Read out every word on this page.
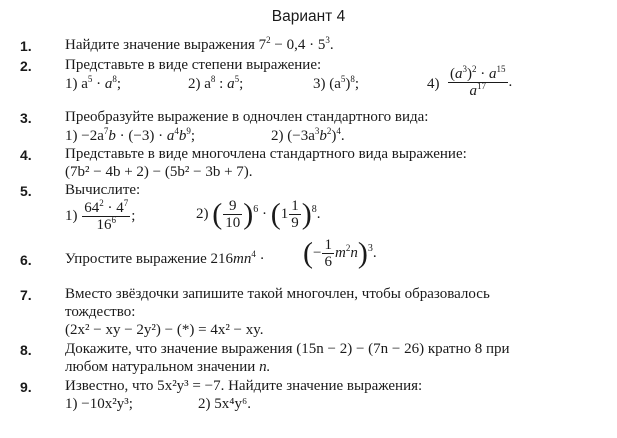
Вариант 4
1. Найдите значение выражения $7^2 - 0,4 \cdot 5^3$.
2. Представьте в виде степени выражение:
1) $a^5 \cdot a^8$;	2) $a^8$ : $a^5$;	3) $(a^5)^8$;	$4) \frac{(a^3)^2 \cdot a^{15}}{a^{17}}$ .
3. Преобразуйте выражение в одночлен стандартного вида:
$1) -2a^7b \cdot (-3) \cdot a^4b^9$;	2) $(-3a^3b^2)^4$.
4. Представьте в виде многочлена стандартного вида выражение:
(7b² − 4b + 2) − (5b² − 3b + 7).
5. Вычислите:
$1) \frac{64^2 \cdot 4^7}{16^6}$ ;	2) ( $\frac{9}{10} )^6 \cdot (1 \frac{1}{9} )^8$.
6. Упростите выражение $216mn^4$ · (− $\frac{1}{6} m^2n)^3$.
7. Вместо звёздочки запишите такой многочлен, чтобы образовалось
тождество:
(2x² − xy − 2y²) − (*) = 4x² − xy.
8. Докажите, что значение выражения (15n − 2) − (7n − 26) кратно 8 при
любом натуральном значении n.
9. Известно, что 5x²y³ = −7. Найдите значение выражения:
1) −10x²y³;	2) 5x⁴y⁶.
